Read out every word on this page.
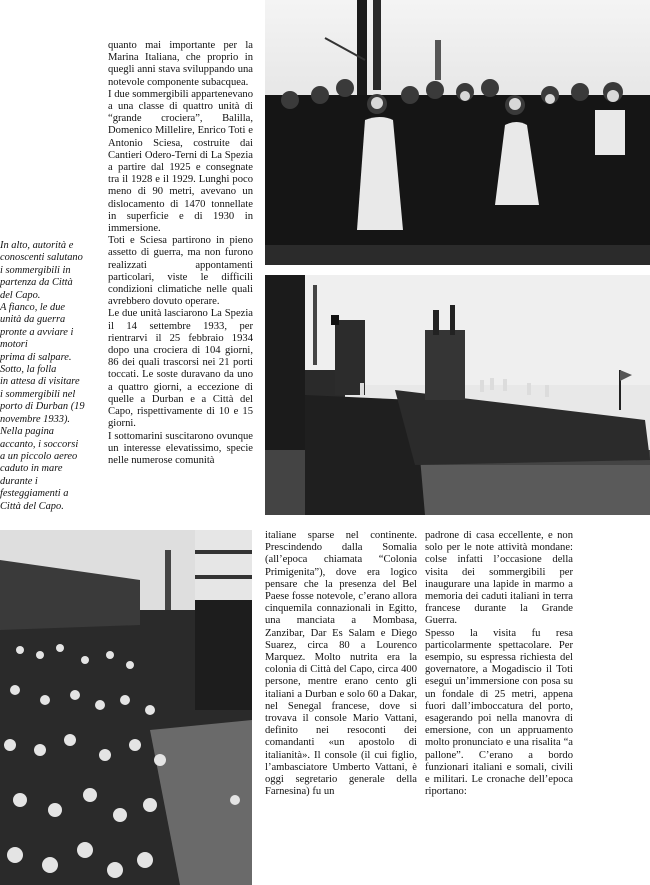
In alto, autorità e

conoscenti salutano

i sommergibili in

partenza da Città

del Capo.

A fianco, le due

unità da guerra

pronte a avviare i motori

prima di salpare.

Sotto, la folla

in attesa di visitare

i sommergibili nel

porto di Durban (19

novembre 1933).

Nella pagina

accanto, i soccorsi

a un piccolo aereo

caduto in mare

durante i

festeggiamenti a

Città del Capo.

quanto mai importante per la Marina Italiana, che proprio in quegli anni stava sviluppando una notevole componente subacquea.

I due sommergibili appartenevano a una classe di quattro unità di “grande crociera”, Balilla, Domenico Millelire, Enrico Toti e Antonio Sciesa, costruite dai Cantieri Odero-Terni di La Spezia a partire dal 1925 e consegnate tra il 1928 e il 1929. Lunghi poco meno di 90 metri, avevano un dislocamento di 1470 tonnellate in superficie e di 1930 in immersione.

Toti e Sciesa partirono in pieno assetto di guerra, ma non furono realizzati appontamenti particolari, viste le difficili condizioni climatiche nelle quali avrebbero dovuto operare.

Le due unità lasciarono La Spezia il 14 settembre 1933, per rientrarvi il 25 febbraio 1934 dopo una crociera di 104 giorni, 86 dei quali trascorsi nei 21 porti toccati. Le soste duravano da uno a quattro giorni, a eccezione di quelle a Durban e a Città del Capo, rispettivamente di 10 e 15 giorni.

I sottomarini suscitarono ovunque un interesse elevatissimo, specie nelle numerose comunità

italiane sparse nel continente. Prescindendo dalla Somalia (all’epoca chiamata “Colonia Primigenita”), dove era logico pensare che la presenza del Bel Paese fosse notevole, c’erano allora cinquemila connazionali in Egitto, una manciata a Mombasa, Zanzibar, Dar Es Salam e Diego Suarez, circa 80 a Lourenco Marquez. Molto nutrita era la colonia di Città del Capo, circa 400 persone, mentre erano cento gli italiani a Durban e solo 60 a Dakar, nel Senegal francese, dove si trovava il console Mario Vattani, definito nei resoconti dei comandanti «un apostolo di italianità». Il console (il cui figlio, l’ambasciatore Umberto Vattani, è oggi segretario generale della Farnesina) fu un

padrone di casa eccellente, e non solo per le note attività mondane: colse infatti l’occasione della visita dei sommergibili per inaugurare una lapide in marmo a memoria dei caduti italiani in terra francese durante la Grande Guerra.

Spesso la visita fu resa particolarmente spettacolare. Per esempio, su espressa richiesta del governatore, a Mogadiscio il Toti eseguì un’immersione con posa su un fondale di 25 metri, appena fuori dall’imboccatura del porto, esagerando poi nella manovra di emersione, con un appruamento molto pronunciato e una risalita “a pallone”. C’erano a bordo funzionari italiani e somali, civili e militari. Le cronache dell’epoca riportano:
